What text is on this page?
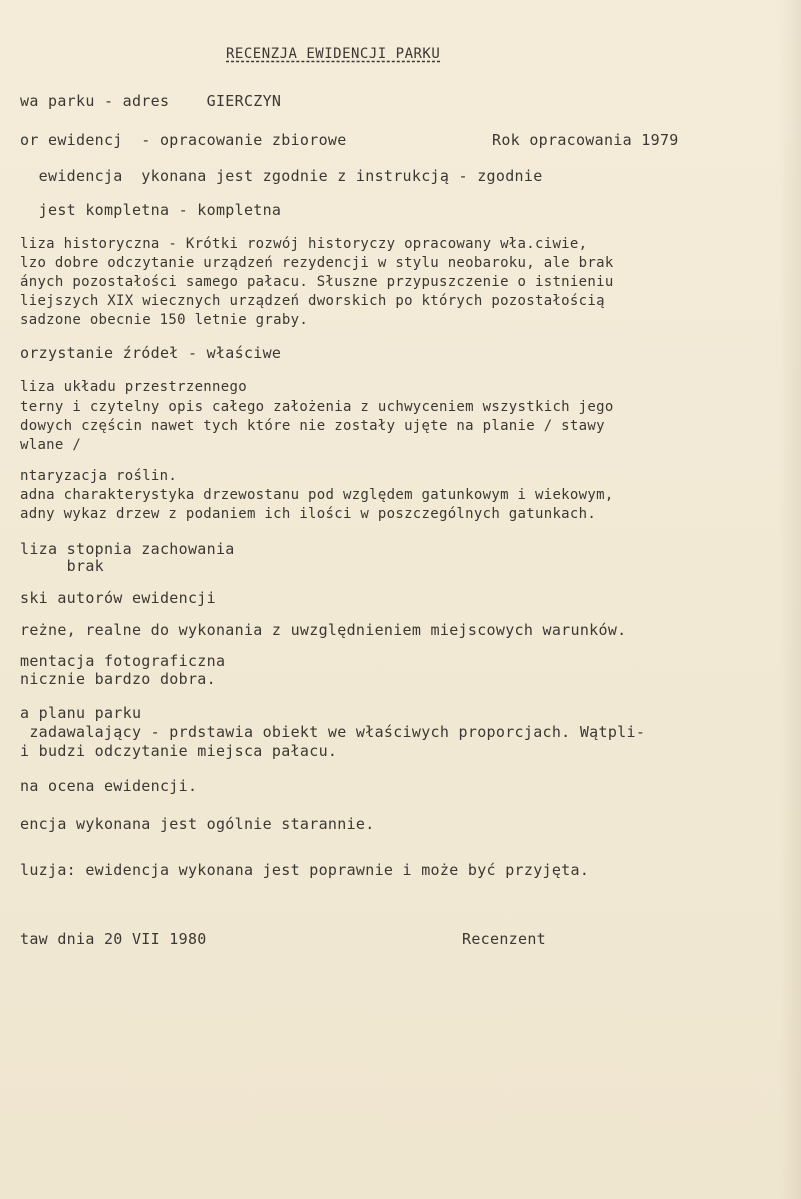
RECENZJA EWIDENCJI PARKU
wa parku - adres    GIERCZYN
or ewidencj  - opracowanie zbiorowe	Rok opracowania 1979
ewidencja  ykonana jest zgodnie z instrukcją - zgodnie
jest kompletna - kompletna
liza historyczna - Krótki rozwój historyczy opracowany wła.ciwie,
lzo dobre odczytanie urządzeń rezydencji w stylu neobaroku, ale brak
ánych pozostałości samego pałacu. Słuszne przypuszczenie o istnieniu
liejszych XIX wiecznych urządzeń dworskich po których pozostałością
sadzone obecnie 150 letnie graby.
orzystanie źródeł - właściwe
liza układu przestrzennego
terny i czytelny opis całego założenia z uchwyceniem wszystkich jego
dowych częścin nawet tych które nie zostały ujęte na planie / stawy
wlane /
ntaryzacja roślin.
adna charakterystyka drzewostanu pod względem gatunkowym i wiekowym,
adny wykaz drzew z podaniem ich ilości w poszczególnych gatunkach.
liza stopnia zachowania
brak
ski autorów ewidencji
reżne, realne do wykonania z uwzględnieniem miejscowych warunków.
mentacja fotograficzna
nicznie bardzo dobra.
a planu parku
zadawalający - prdstawia obiekt we właściwych proporcjach. Wątpli-
i budzi odczytanie miejsca pałacu.
na ocena ewidencji.
encja wykonana jest ogólnie starannie.
luzja: ewidencja wykonana jest poprawnie i może być przyjęta.
taw dnia 20 VII 1980	Recenzent
